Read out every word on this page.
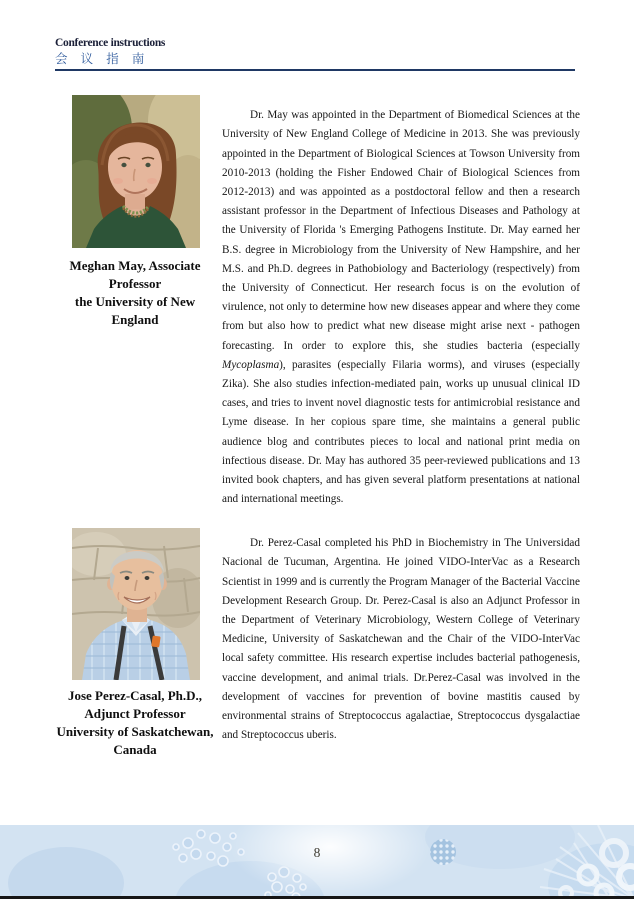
Conference instructions
会 议 指 南
Meghan May, Associate
Professor
the University of New
England

Dr. May was appointed in the Department of Biomedical Sciences at the University of New England College of Medicine in 2013. She was previously appointed in the Department of Biological Sciences at Towson University from 2010-2013 (holding the Fisher Endowed Chair of Biological Sciences from 2012-2013) and was appointed as a postdoctoral fellow and then a research assistant professor in the Department of Infectious Diseases and Pathology at the University of Florida 's Emerging Pathogens Institute. Dr. May earned her B.S. degree in Microbiology from the University of New Hampshire, and her M.S. and Ph.D. degrees in Pathobiology and Bacteriology (respectively) from the University of Connecticut. Her research focus is on the evolution of virulence, not only to determine how new diseases appear and where they come from but also how to predict what new disease might arise next - pathogen forecasting. In order to explore this, she studies bacteria (especially Mycoplasma), parasites (especially Filaria worms), and viruses (especially Zika). She also studies infection-mediated pain, works up unusual clinical ID cases, and tries to invent novel diagnostic tests for antimicrobial resistance and Lyme disease. In her copious spare time, she maintains a general public audience blog and contributes pieces to local and national print media on infectious disease. Dr. May has authored 35 peer-reviewed publications and 13 invited book chapters, and has given several platform presentations at national and international meetings.

Jose Perez-Casal, Ph.D.,
Adjunct Professor
University of Saskatchewan,
Canada

Dr. Perez-Casal completed his PhD in Biochemistry in The Universidad Nacional de Tucuman, Argentina. He joined VIDO-InterVac as a Research Scientist in 1999 and is currently the Program Manager of the Bacterial Vaccine Development Research Group. Dr. Perez-Casal is also an Adjunct Professor in the Department of Veterinary Microbiology, Western College of Veterinary Medicine, University of Saskatchewan and the Chair of the VIDO-InterVac local safety committee. His research expertise includes bacterial pathogenesis, vaccine development, and animal trials. Dr.Perez-Casal was involved in the development of vaccines for prevention of bovine mastitis caused by environmental strains of Streptococcus agalactiae, Streptococcus dysgalactiae and Streptococcus uberis.

8
